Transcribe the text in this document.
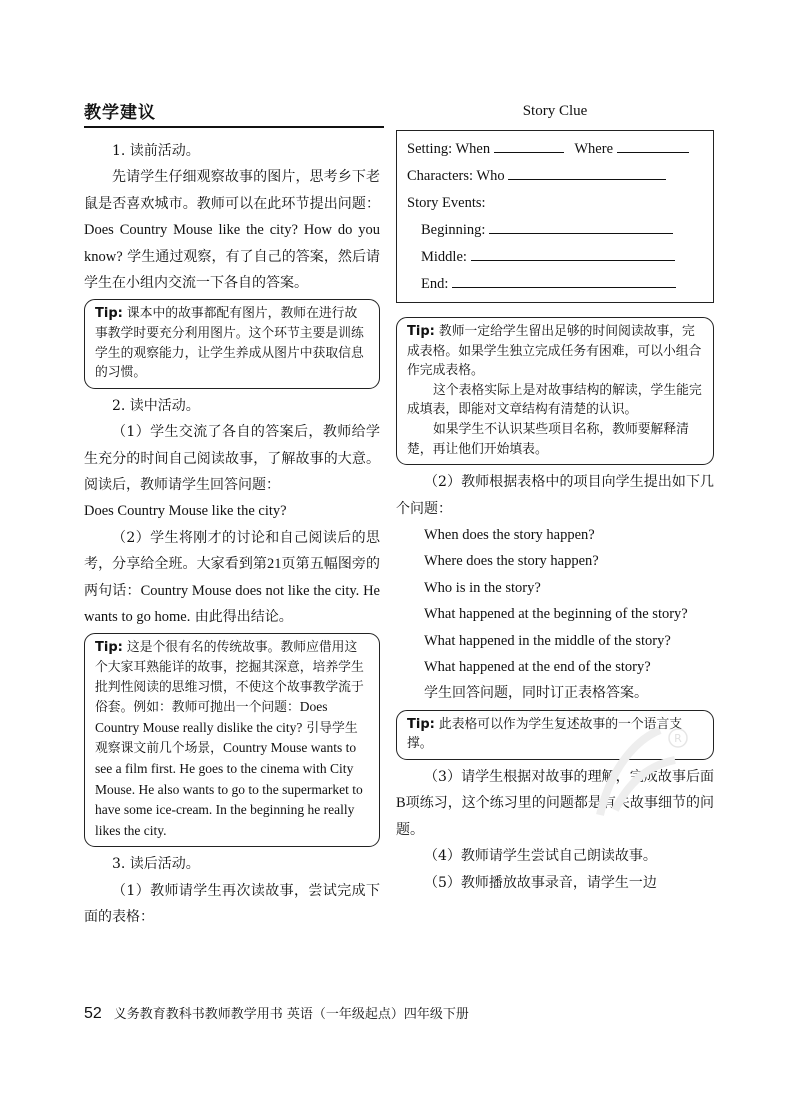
教学建议

1. 读前活动。

先请学生仔细观察故事的图片，思考乡下老鼠是否喜欢城市。教师可以在此环节提出问题：Does Country Mouse like the city? How do you know? 学生通过观察，有了自己的答案，然后请学生在小组内交流一下各自的答案。

Tip: 课本中的故事都配有图片，教师在进行故事教学时要充分利用图片。这个环节主要是训练学生的观察能力，让学生养成从图片中获取信息的习惯。

2. 读中活动。

（1）学生交流了各自的答案后，教师给学生充分的时间自己阅读故事，了解故事的大意。 阅读后，教师请学生回答问题：

Does Country Mouse like the city?

（2）学生将刚才的讨论和自己阅读后的思考，分享给全班。大家看到第21页第五幅图旁的两句话：Country Mouse does not like the city. He wants to go home. 由此得出结论。

Tip: 这是个很有名的传统故事。教师应借用这个大家耳熟能详的故事，挖掘其深意，培养学生批判性阅读的思维习惯，不使这个故事教学流于俗套。例如：教师可抛出一个问题：Does Country Mouse really dislike the city? 引导学生观察课文前几个场景，Country Mouse wants to see a film first. He goes to the cinema with City Mouse. He also wants to go to the supermarket to have some ice-cream. In the beginning he really likes the city.

3. 读后活动。

（1）教师请学生再次读故事，尝试完成下面的表格：

Story Clue

Setting: When	Where

Characters: Who

Story Events:

Beginning:

Middle:

End:

Tip: 教师一定给学生留出足够的时间阅读故事，完成表格。如果学生独立完成任务有困难，可以小组合作完成表格。

这个表格实际上是对故事结构的解读，学生能完成填表，即能对文章结构有清楚的认识。

如果学生不认识某些项目名称，教师要解释清楚，再让他们开始填表。

（2）教师根据表格中的项目向学生提出如下几个问题：

When does the story happen?

Where does the story happen?

Who is in the story?

What happened at the beginning of the story?

What happened in the middle of the story?

What happened at the end of the story?

学生回答问题，同时订正表格答案。

Tip: 此表格可以作为学生复述故事的一个语言支撑。

（3）请学生根据对故事的理解，完成故事后面B项练习，这个练习里的问题都是有关故事细节的问题。

（4）教师请学生尝试自己朗读故事。

（5）教师播放故事录音，请学生一边

R
52 义务教育教科书教师教学用书 英语（一年级起点）四年级下册
